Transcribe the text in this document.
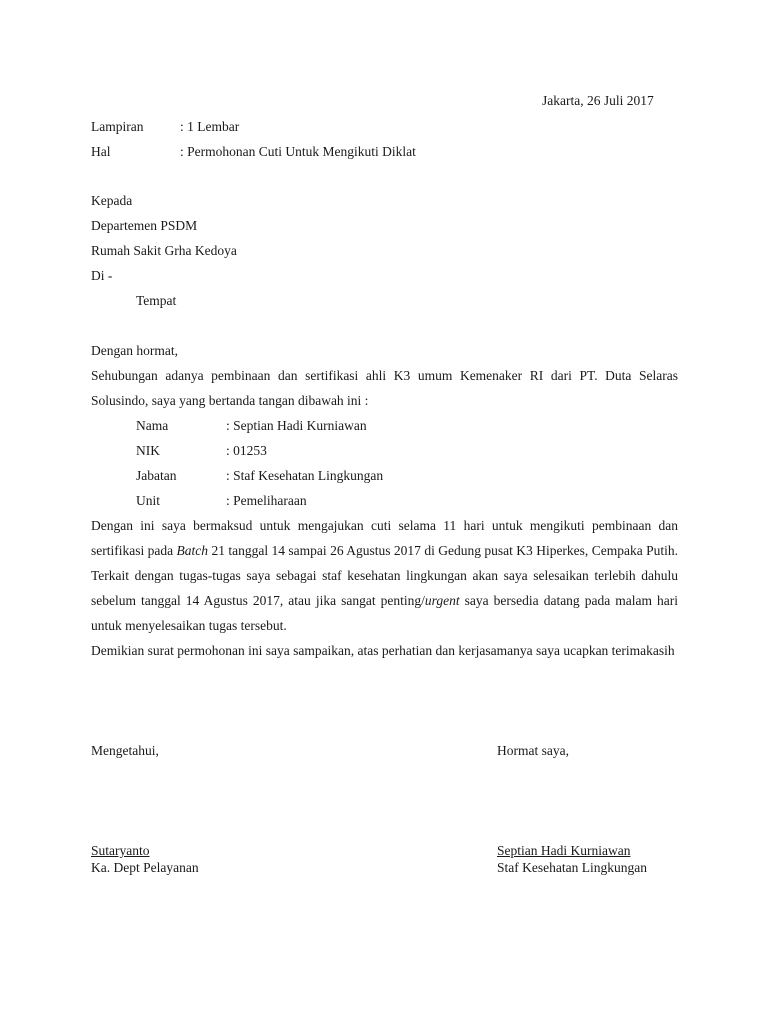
Jakarta, 26 Juli 2017
Lampiran	: 1 Lembar
Hal	: Permohonan Cuti Untuk Mengikuti Diklat
Kepada
Departemen PSDM
Rumah Sakit Grha Kedoya
Di -
Tempat
Dengan hormat,
Sehubungan adanya pembinaan dan sertifikasi ahli K3 umum Kemenaker RI dari PT. Duta Selaras Solusindo, saya yang bertanda tangan dibawah ini :
Nama	: Septian Hadi Kurniawan
NIK	: 01253
Jabatan	: Staf Kesehatan Lingkungan
Unit	: Pemeliharaan
Dengan ini saya bermaksud untuk mengajukan cuti selama 11 hari untuk mengikuti pembinaan dan sertifikasi pada Batch 21 tanggal 14 sampai 26 Agustus 2017 di Gedung pusat K3 Hiperkes, Cempaka Putih. Terkait dengan tugas-tugas saya sebagai staf kesehatan lingkungan akan saya selesaikan terlebih dahulu sebelum tanggal 14 Agustus 2017, atau jika sangat penting/urgent saya bersedia datang pada malam hari untuk menyelesaikan tugas tersebut.
Demikian surat permohonan ini saya sampaikan, atas perhatian dan kerjasamanya saya ucapkan terimakasih
Mengetahui,	Hormat saya,
Sutaryanto
Ka. Dept Pelayanan
Septian Hadi Kurniawan
Staf Kesehatan Lingkungan
